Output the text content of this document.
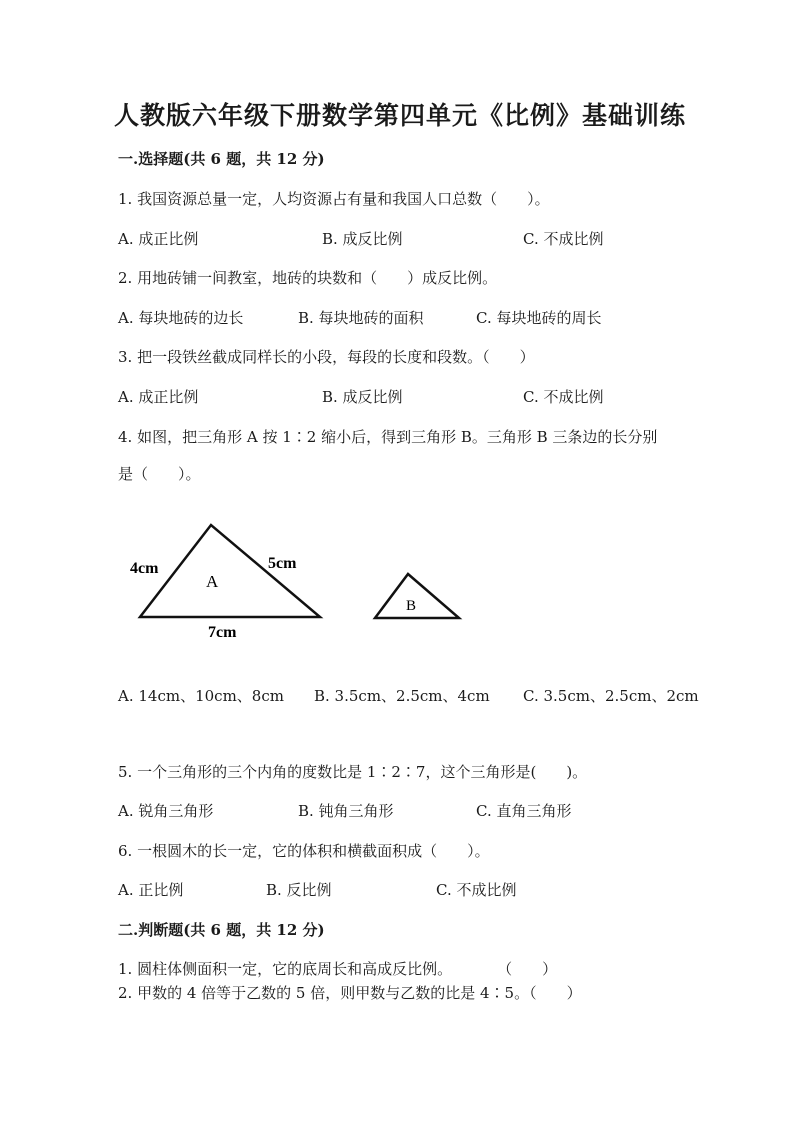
人教版六年级下册数学第四单元《比例》基础训练
一.选择题(共 6 题，共 12 分)
1. 我国资源总量一定，人均资源占有量和我国人口总数（　　）。
A. 成正比例	B. 成反比例	C. 不成比例
2. 用地砖铺一间教室，地砖的块数和（　　）成反比例。
A. 每块地砖的边长	B. 每块地砖的面积	C. 每块地砖的周长
3. 把一段铁丝截成同样长的小段，每段的长度和段数。（　　）
A. 成正比例	B. 成反比例	C. 不成比例
4. 如图，把三角形 A 按 1∶2 缩小后，得到三角形 B。三角形 B 三条边的长分别
是（　　）。
4cm	5cm
7cm
A
B
A. 14cm、10cm、8cm B. 3.5cm、2.5cm、4cm C. 3.5cm、2.5cm、2cm
5. 一个三角形的三个内角的度数比是 1∶2∶7，这个三角形是(　　)。
A. 锐角三角形	B. 钝角三角形	C. 直角三角形
6. 一根圆木的长一定，它的体积和横截面积成（　　）。
A. 正比例	B. 反比例	C. 不成比例
二.判断题(共 6 题，共 12 分)
1. 圆柱体侧面积一定，它的底周长和高成反比例。　　　　（　　）
2. 甲数的 4 倍等于乙数的 5 倍，则甲数与乙数的比是 4∶5。（　　）
